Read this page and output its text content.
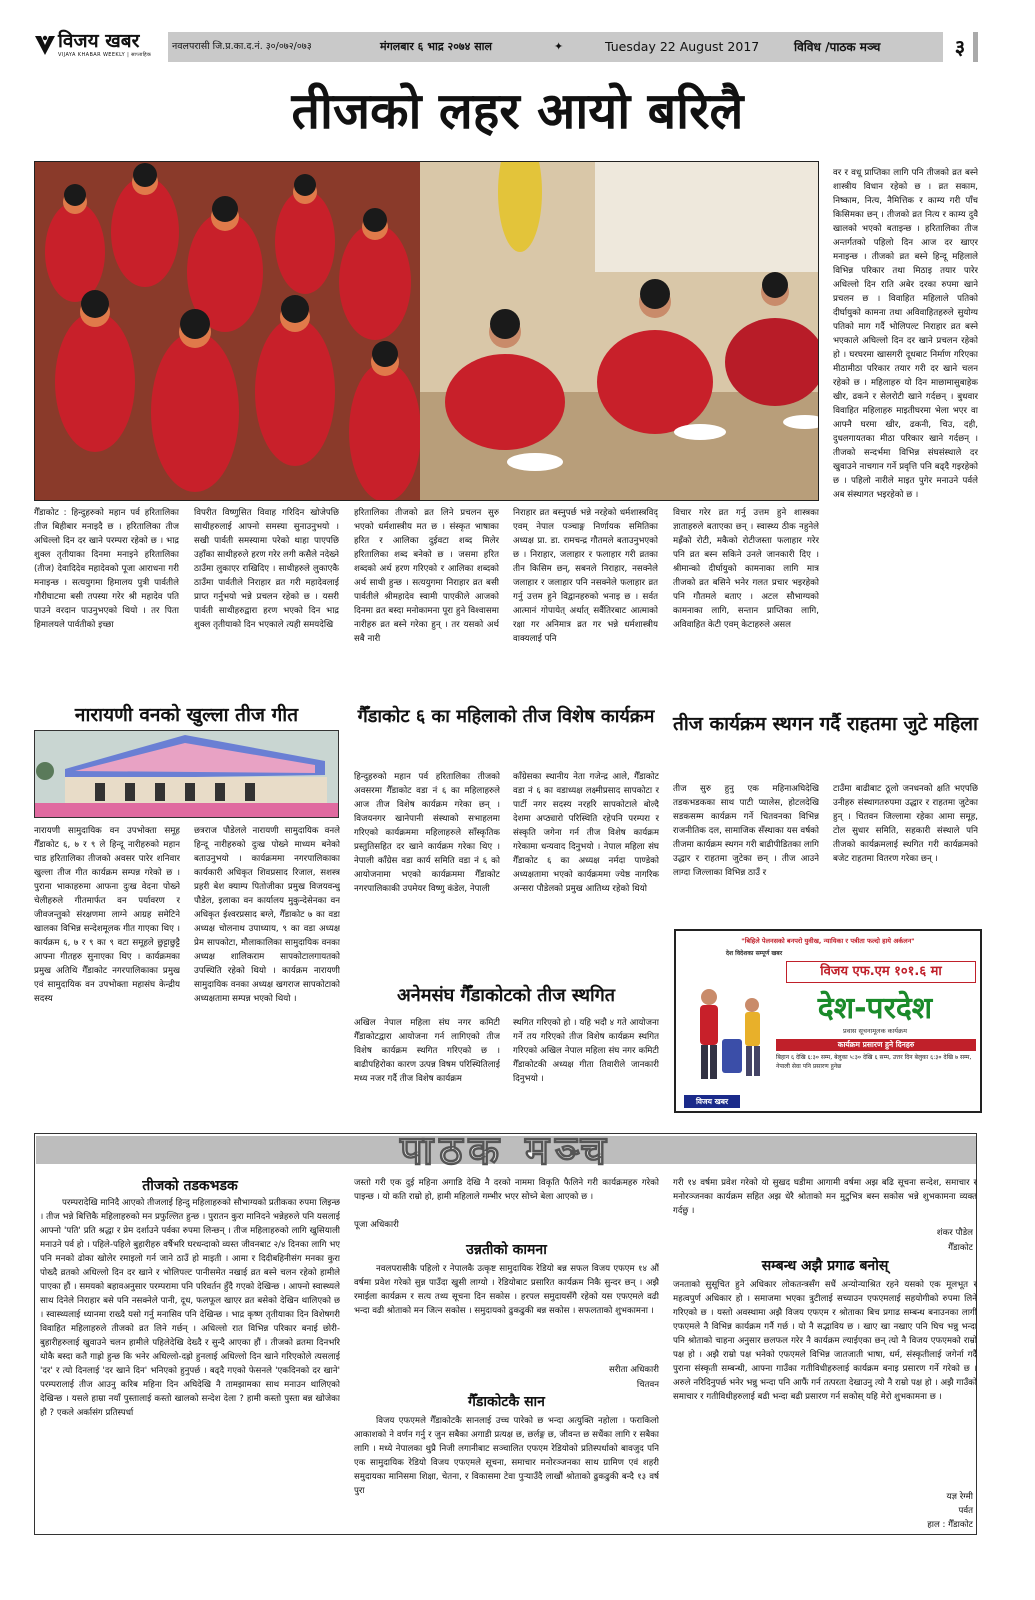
विजय खबर
VIJAYA KHABAR WEEKLY | साप्ताहिक
नवलपरासी जि.प्र.का.द.नं. ३०/०७२/०७३	मंगलबार ६ भाद्र २०७४ साल	✦	Tuesday 22 August 2017	विविध /पाठक मञ्च	३
तीजको लहर आयो बरिलै
गैँडाकोट : हिन्दुहरुको महान पर्व हरितालिका तीज बिहीबार मनाइदै छ । हरितालिका तीज अधिल्लो दिन दर खाने परम्परा रहेको छ । भाद्र शुक्ल तृतीयाका दिनमा मनाइने हरितालिका (तीज) देवादिदेव महादेवको पूजा आराधना गरी मनाइन्छ । सत्ययुगमा हिमालय पुत्री पार्वतीले गौरीघाटमा बसी तपस्या गरेर श्री महादेव पति पाउने वरदान पाउनुभएको थियो । तर पिता हिमालयले पार्वतीको इच्छा
विपरीत विष्णुसित विवाह गरिदिन खोजेपछि साथीहरुलाई आफ्नो समस्या सुनाउनुभयो । सखी पार्वती समस्यामा परेको थाहा पाएपछि उहाँका साथीहरुले हरण गरेर लगी कसैले नदेख्ने ठाउँमा लुकाएर राखिदिए । साथीहरुले लुकाएकै ठाउँमा पार्वतीले निराहार व्रत गरी महादेवलाई प्राप्त गर्नुभयो भन्ने प्रचलन रहेको छ । यसरी पार्वती साथीहरुद्वारा हरण भएको दिन भाद्र शुक्ल तृतीयाको दिन भएकाले त्यही समयदेखि
हरितालिका तीजको व्रत लिने प्रचलन सुरु भएको धर्मशास्त्रीय मत छ । संस्कृत भाषाका हरित र आलिका दुईवटा शब्द मिलेर हरितालिका शब्द बनेको छ । जसमा हरित शब्दको अर्थ हरण गरिएको र आलिका शब्दको अर्थ साथी हुन्छ । सत्ययुगमा निराहार व्रत बसी पार्वतीले श्रीमहादेव स्वामी पाएकीले आजको दिनमा व्रत बस्दा मनोकामना पूरा हुने विश्वासमा नारीहरु व्रत बस्ने गरेका हुन् । तर यसको अर्थ सबै नारी
निराहार व्रत बस्नुपर्छ भन्ने नरहेको धर्मशास्त्रविद् एवम् नेपाल पञ्चाङ्ग निर्णायक समितिका अध्यक्ष प्रा. डा. रामचन्द्र गौतमले बताउनुभएको छ । निराहार, जलाहार र फलाहार गरी व्रतका तीन किसिम छन्, सबनले निराहार, नसक्नेले जलाहार र जलाहार पनि नसक्नेले फलाहार व्रत गर्नु उत्तम हुने विद्वानहरुको भनाइ छ । सर्वत आत्मानं गोपायेत् अर्थात् सर्वैतिरबाट आत्माको रक्षा गर अनिमात्र व्रत गर भन्ने धर्मशास्त्रीय वाक्यलाई पनि
विचार गरेर व्रत गर्नु उत्तम हुने शास्त्रका ज्ञाताहरुले बताएका छन् । स्वास्थ्य ठीक नहुनेले मह्रँको रोटी, मकैको रोटीजस्ता फलाहार गरेर पनि व्रत बस्न सकिने उनले जानकारी दिए । श्रीमान्को दीर्घायुको कामनाका लागि मात्र तीजको व्रत बसिने भनेर गलत प्रचार भइरहेको पनि गौतमले बताए । अटल सौभाग्यको कामनाका लागि, सन्तान प्राप्तिका लागि, अविवाहित केटी एवम् केटाहरुले असल
वर र वधू प्राप्तिका लागि पनि तीजको व्रत बस्ने शास्त्रीय विधान रहेको छ । व्रत सकाम, निष्काम, नित्य, नैमित्तिक र काम्य गरी पाँच किसिमका छन् । तीजको व्रत नित्य र काम्य दुवै खालको भएको बताइन्छ । हरितालिका तीज अन्तर्गतको पहिलो दिन आज दर खाएर मनाइन्छ । तीजको व्रत बस्ने हिन्दू महिलाले विभिन्न परिकार तथा मिठाइ तयार पारेर अधिल्लो दिन राति अबेर दरका रुपमा खाने प्रचलन छ । विवाहित महिलाले पतिको दीर्घायुको कामना तथा अविवाहितहरुले सुयोग्य पतिको माग गर्दै भोलिपल्ट निराहार व्रत बस्ने भएकाले अघिल्लो दिन दर खाने प्रचलन रहेको हो । घरघरमा खासगरी दूधबाट निर्माण गरिएका मीठामीठा परिकार तयार गरी दर खाने चलन रहेको छ । महिलाहरु यो दिन माछामासुबाहेक खीर, ढकने र सेलरोटी खाने गर्दछन् । बुधवार विवाहित महिलाहरु माइतीघरमा भेला भएर वा आफ्नै घरमा खीर, ढकनी, चिउ, दही, दुधलगायतका मीठा परिकार खाने गर्दछन् । तीजको सन्दर्भमा विभिन्न संघसंस्थाले दर खुवाउने नाचगान गर्ने प्रवृत्ति पनि बढ्दै गइरहेको छ । पहिलो नारीले माइत पुगेर मनाउने पर्वले अब संस्थागत भइरहेको छ ।
नारायणी वनको खुल्ला तीज गीत
नारायणी सामुदायिक वन उपभोक्ता समूह गैँडाकोट ६, ७ र ९ ले हिन्दू नारीहरुको महान चाड हरितालिका तीजको अवसर पारेर शनिवार खुल्ला तीज गीत कार्यक्रम सम्पन्न गरेको छ । पुराना भाकाहरुमा आफना दुःख वेदना पोख्ने चेलीहरुले गीतमार्फत वन पर्यावरण र जीवजन्तुको संरक्षणमा लाग्ने आग्रह समेटिने खालका विभिन्न सन्देशमूलक गीत गाएका थिए । कार्यक्रम ६, ७ र ९ का ९ वटा समूहले छुट्टाछुट्टै आफ्ना गीतहरु सुनाएका थिए । कार्यक्रमका प्रमुख अतिथि गैँडाकोट नगरपालिकाका प्रमुख एवं सामुदायिक वन उपभोक्ता महासंघ केन्द्रीय सदस्य
छत्रराज पौडेलले नारायणी सामुदायिक वनले हिन्दू नारीहरुको दुःख पोख्ने माध्यम बनेको बताउनुभयो । कार्यक्रममा नगरपालिकाका कार्यकारी अधिकृत शिवप्रसाद रिजाल, सशस्त्र प्रहरी बेश क्याम्प पितोजीका प्रमुख विजयवन्धु पौडेल, इलाका वन कार्यालय मुकुन्देसेनका वन अधिकृत ईश्वरप्रसाद बग्ले, गैँडाकोट ७ का वडा अध्यक्ष चोलनाथ उपाध्याय, ९ का वडा अध्यक्ष प्रेम सापकोटा, मौलाकालिका सामुदायिक वनका अध्यक्ष शालिकराम सापकोटालगायतको उपस्थिति रहेको थियो । कार्यक्रम नारायणी सामुदायिक वनका अध्यक्ष खगराज सापकोटाको अध्यक्षतामा सम्पन्न भएको थियो ।
गैँडाकोट ६ का महिलाको तीज विशेष कार्यक्रम
हिन्दुहरुको महान पर्व हरितालिका तीजको अवसरमा गैँडाकोट वडा नं ६ का महिलाहरुले आज तीज विशेष कार्यक्रम गरेका छन् । विजयनगर खानेपानी संस्थाको सभाहलमा गरिएको कार्यक्रममा महिलाहरुले साँस्कृतिक प्रस्तुतिसहित दर खाने कार्यक्रम गरेका थिए । नेपाली काँग्रेस वडा कार्य समिति वडा नं ६ को आयोजनामा भएको कार्यक्रममा गैँडाकोट नगरपालिकाकी उपमेयर विष्णु कंडेल, नेपाली
काँग्रेसका स्थानीय नेता गजेन्द्र आले, गैँडाकोट वडा नं ६ का वडाध्यक्ष लक्ष्मीप्रसाद सापकोटा र पार्टी नगर सदस्य नरहरि सापकोटाले बोल्दै देशमा अप्ठ्यारो परिस्थिति रहेपनि परम्परा र संस्कृति जगेना गर्न तीज विशेष कार्यक्रम गरेकामा धन्यवाद दिनुभयो । नेपाल महिला संघ गैँडाकोट ६ का अध्यक्ष नर्मदा पाण्डेको अध्यक्षतामा भएको कार्यक्रममा ज्येष्ठ नागरिक अन्सरा पौडेलको प्रमुख आतिथ्य रहेको थियो
अनेमसंघ गैँडाकोटको तीज स्थगित
अखिल नेपाल महिला संघ नगर कमिटी गैँडाकोटद्वारा आयोजना गर्न लागिएको तीज विशेष कार्यक्रम स्थगित गरिएको छ । बाढीपहिरोका कारण उत्पन्न विषम परिस्थितिलाई मध्य नजर गर्दै तीज विशेष कार्यक्रम
स्थगित गरिएको हो । यहि भदौ ४ गते आयोजना गर्ने तय गरिएको तीज विशेष कार्यक्रम स्थगित गरिएको अखिल नेपाल महिला संघ नगर कमिटी गैँडाकोटकी अध्यक्ष गीता तिवारीले जानकारी दिनुभयो ।
तीज कार्यक्रम स्थगन गर्दै राहतमा जुटे महिला
तीज सुरु हुनु एक महिनाअघिदेखि तडकभडकका साथ पाटी प्यालेस, होटलदेखि सडकसम्म कार्यक्रम गर्ने चितवनका विभिन्न राजनीतिक दल, सामाजिक सँस्थाका यस वर्षको तीजमा कार्यक्रम स्थगन गरी बाढीपीडितका लागि उद्धार र राहतमा जुटेका छन् । तीज आउने लाग्दा जिल्लाका विभिन्न ठाउँ र
टाउँमा बाढीबाट ठूलो जनधनको क्षति भएपछि उनीहरु संस्थागतरुपमा उद्धार र राहतमा जुटेका हुन् । चितवन जिल्लामा रहेका आमा समूह, टोल सुधार समिति, सहकारी संस्थाले पनि तीजको कार्यक्रमलाई स्थगित गरी कार्यक्रमको बजेट राहतमा वितरण गरेका छन् ।
"बिहिले पेलनसको बनपरो युवीख, न्यायिका र पत्रीता फल्दो हाये अर्कलन"
देश विदेशका सम्पूर्ण खबर
विजय एफ.एम १०१.६ मा
देश-परदेश
प्रवास सूचनामूलक कार्यक्रम
कार्यक्रम प्रसारण हुने दिनहरु
बिहान ६ देखि ६:३० सम्म, बेलुका ५:३० देखि ६ सम्म, उत्तर दिन बेलुका ६:३० देखि ७ सम्म, नेपाली सेवा पनि प्रसारण हुनेछ
विजय खबर
पाठक मञ्च
तीजको तडकभडक

परम्परादेखि मानिदै आएको तीजलाई हिन्दु महिलाहरुको सौभाग्यको प्रतीकका रुपमा लिइन्छ । तीज भन्ने बित्तिकै महिलाहरुको मन प्रफुल्लित हुन्छ । पुरातन कुरा मानिदने भन्नेहरुले पनि यसलाई आफ्नो 'पति' प्रति श्रद्धा र प्रेम दर्शाउने पर्वका रुपमा लिन्छन् । तीज महिलाहरुको लागि खुसियाली मनाउने पर्व हो । पहिले-पहिले बुहारीहरु वर्षैभरि घरधन्दाको व्यस्त जीवनबाट २/४ दिनका लागि भए पनि मनको ढोका खोलेर रमाइलो गर्न जाने ठाउँ हो माइती । आमा र दिदीबहिनीसंग मनका कुरा पोख्दै व्रतको अधिल्लो दिन दर खाने र भोलिपल्ट पानीसमेत नखाई व्रत बस्ने चलन रहेको हामीले पाएका हौं । समयको बहावअनुसार परम्परामा पनि परिवर्तन हुँदै गएको देखिन्छ । आफ्नो स्वास्थ्यले साथ दिनेले निराहार बसे पनि नसक्नेले पानी, दूध, फलफूल खाएर व्रत बसेको देखिन थालिएको छ । स्वास्थ्यलाई ध्यानमा राख्दै यसो गर्नु मनासिव पनि देखिन्छ । भाद्र कृष्ण तृतीयाका दिन विशेषगरी विवाहित महिलाहरुले तीजको व्रत लिने गर्छन् । अधिल्लो रात विभिन्न परिकार बनाई छोरी-बुहारीहरुलाई खुवाउने चलन हामीले पहिलेदेखि देख्दै र सुन्दै आएका हौं । तीजको व्रतमा दिनभरि थोकै बस्दा कतै गाह्रो हुन्छ कि भनेर अधिल्लो-दह्रो हुनलाई अधिल्लो दिन खाने गरिएकोले त्यसलाई 'दर' र त्यो दिनलाई 'दर खाने दिन' भनिएको हुनुपर्छ । बढ्दै गएको फेसनले 'एकदिनको दर खाने' परम्परालाई तीज आउनु करिब महिना दिन अघिदेखि नै तामझामका साथ मनाउन थालिएको देखिन्छ । यसले हाम्रा नयाँ पुस्तालाई कस्तो खालको सन्देश देला ? हामी कस्तो पुस्ता बन्न खोजेका हौ ? एकले अर्कासंग प्रतिस्पर्धा

जस्तो गरी एक दुई महिना अगाडि देखि नै दरको नाममा विकृति फैलिने गरी कार्यक्रमहरु गरेको पाइन्छ । यो कति राम्रो हो, हामी महिलाले गम्भीर भएर सोच्ने बेला आएको छ ।
पूजा अधिकारी
उन्नतीको कामना

नवलपरासीकै पहिलो र नेपालकै उत्कृष्ट सामुदायिक रेडियो बन्न सफल विजय एफएम १४ औं वर्षमा प्रवेश गरेको सुन्न पाउँदा खुसी लाग्यो । रेडियोबाट प्रसारित कार्यक्रम निकै सुन्दर छन् । अझै रमाईला कार्यक्रम र सत्य तथ्य सूचना दिन सकोस । हरपल समुदायसँगै रहेको यस एफएमले वढी भन्दा वढी श्रोताको मन जित्न सकोस । समुदायको ढुकढुकी बन्न सकोस । सफलताको शुभकामना ।

सरीता अधिकारी
चितवन
गैँडाकोटकै सान

विजय एफएमले गैँडाकोटकै सानलाई उच्च पारेको छ भन्दा अत्युक्ति नहोला । फराकिलो आकाशको ने वर्णन गर्नु र जुन सबैका अगाडी प्रत्यक्ष छ, छर्लङ्ग छ, जीवन्त छ सधैंका लागि र सबैका लागि । मध्ये नेपालका थुप्रै निजी लगानीबाट सञ्चालित एफएम रेडियोको प्रतिस्पर्धाको बावजुद पनि एक सामुदायिक रेडियो विजय एफएमले सूचना, समाचार मनोरञ्जनका साथ ग्रामिण एवं शहरी समुदायका मानिसमा शिक्षा, चेतना, र विकासमा टेवा पुऱ्याउँदै लाखौं श्रोताको ढुकढुकी बन्दै १३ वर्ष पुरा

गरी १४ वर्षमा प्रवेश गरेको यो सुखद घडीमा आगामी वर्षमा अझ बढि सूचना सन्देश, समाचार र मनोरञ्जनका कार्यक्रम सहित अझ धेरै श्रोताको मन मुटुभित्र बस्न सकोस भन्ने शुभकामना व्यक्त गर्दछु ।
शंकर पौडेल
गैँडाकोट
सम्बन्ध अझै प्रगाढ बनोस्
जनताको सुसूचित हुने अधिकार लोकतन्त्रसँग सधैं अन्योन्याश्रित रहने यसको एक मूलभूत र महत्वपुर्ण अधिकार हो । समाजमा भएका त्रुटीलाई सच्याउन एफएमलाई सहयोगीको रुपमा लिने गरिएको छ । यस्तो अवस्थामा अझै विजय एफएम र श्रोताका बिच प्रगाढ सम्बन्ध बनाउनका लागी एफएमले नै विभिन्न कार्यक्रम गर्नै गर्छ । यो नै सद्भाविय छ । खाए खा नखाए पनि घिच भन्नु भन्दा पनि श्रोताको चाहना अनुसार छलफल गरेर नै कार्यक्रम ल्याईएका छन् त्यो नै विजय एफएमको राम्रो पक्ष हो । अझै राम्रो पक्ष भनेको एफएमले विभिन्न जातजाती भाषा, धर्म, संस्कृतीलाई जगेर्ना गर्दै पुराना संस्कृती सम्बन्धी, आफ्ना गाउँका गतीविधीहरुलाई कार्यक्रम बनाइ प्रसारण गर्ने गरेको छ । अरुले नरिदिनुपर्छ भनेर भन्नु भन्दा पनि आफैं गर्न तत्परता देखाउनु त्यो नै राम्रो पक्ष हो । अझै गाउँको समाचार र गतीविधीहरुलाई बढी भन्दा बढी प्रसारण गर्न सकोस् यहि मेरो शुभकामना छ ।
यज्ञ रेग्मी
पर्वत
हाल : गैँडाकोट
